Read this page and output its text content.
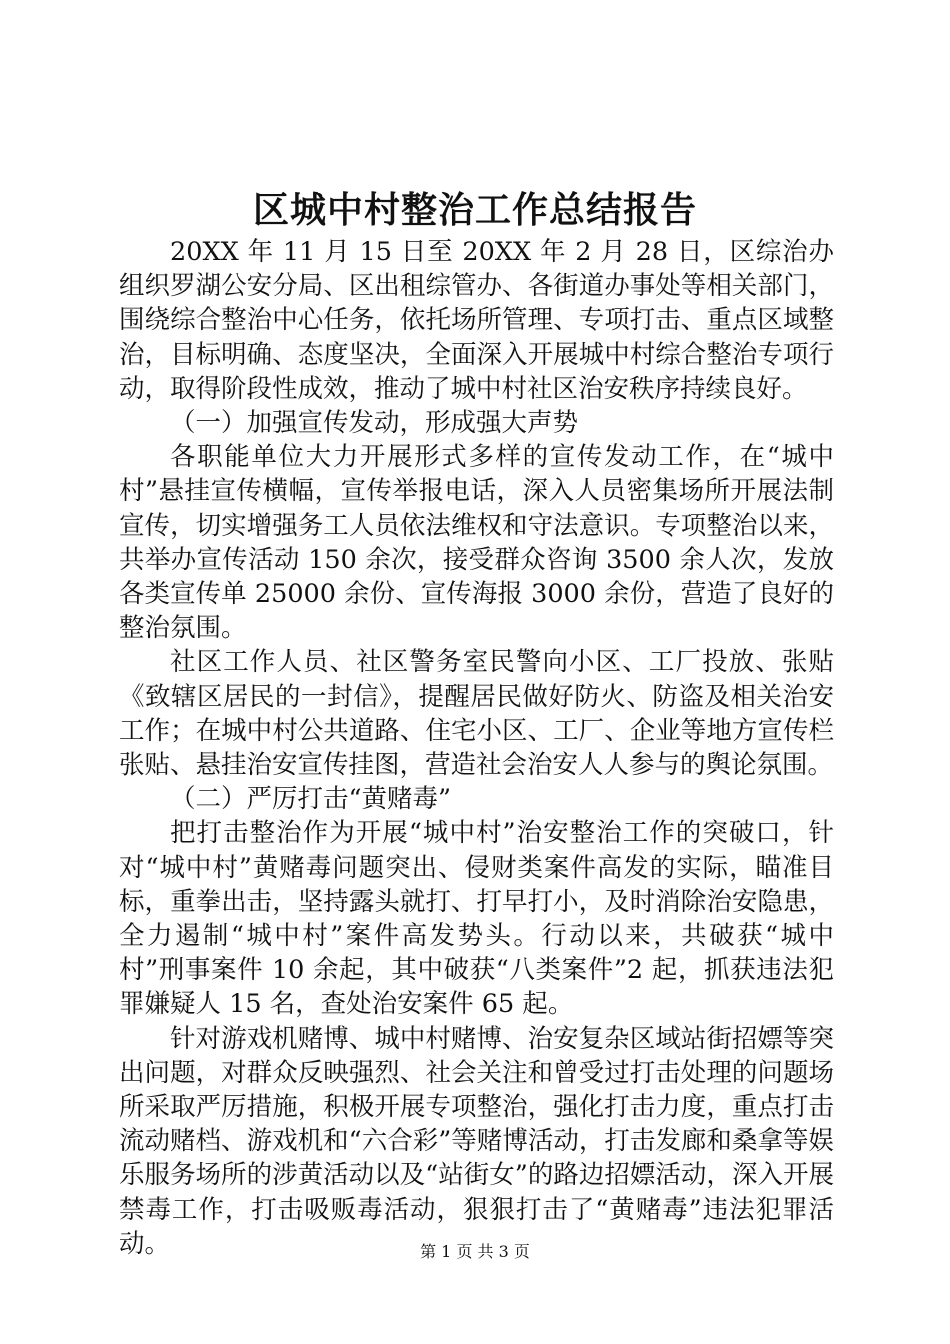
区城中村整治工作总结报告

20XX 年 11 月 15 日至 20XX 年 2 月 28 日，区综治办组织罗湖公安分局、区出租综管办、各街道办事处等相关部门，围绕综合整治中心任务，依托场所管理、专项打击、重点区域整治，目标明确、态度坚决，全面深入开展城中村综合整治专项行动，取得阶段性成效，推动了城中村社区治安秩序持续良好。

（一）加强宣传发动，形成强大声势

各职能单位大力开展形式多样的宣传发动工作，在“城中村”悬挂宣传横幅，宣传举报电话，深入人员密集场所开展法制宣传，切实增强务工人员依法维权和守法意识。专项整治以来，共举办宣传活动 150 余次，接受群众咨询 3500 余人次，发放各类宣传单 25000 余份、宣传海报 3000 余份，营造了良好的整治氛围。

社区工作人员、社区警务室民警向小区、工厂投放、张贴《致辖区居民的一封信》，提醒居民做好防火、防盗及相关治安工作；在城中村公共道路、住宅小区、工厂、企业等地方宣传栏张贴、悬挂治安宣传挂图，营造社会治安人人参与的舆论氛围。

（二）严厉打击“黄赌毒”

把打击整治作为开展“城中村”治安整治工作的突破口，针对“城中村”黄赌毒问题突出、侵财类案件高发的实际，瞄准目标，重拳出击，坚持露头就打、打早打小，及时消除治安隐患，全力遏制“城中村”案件高发势头。行动以来，共破获“城中村”刑事案件 10 余起，其中破获“八类案件”2 起，抓获违法犯罪嫌疑人 15 名，查处治安案件 65 起。

针对游戏机赌博、城中村赌博、治安复杂区域站街招嫖等突出问题，对群众反映强烈、社会关注和曾受过打击处理的问题场所采取严厉措施，积极开展专项整治，强化打击力度，重点打击流动赌档、游戏机和“六合彩”等赌博活动，打击发廊和桑拿等娱乐服务场所的涉黄活动以及“站街女”的路边招嫖活动，深入开展禁毒工作，打击吸贩毒活动，狠狠打击了“黄赌毒”违法犯罪活动。	第 1 页 共 3 页
